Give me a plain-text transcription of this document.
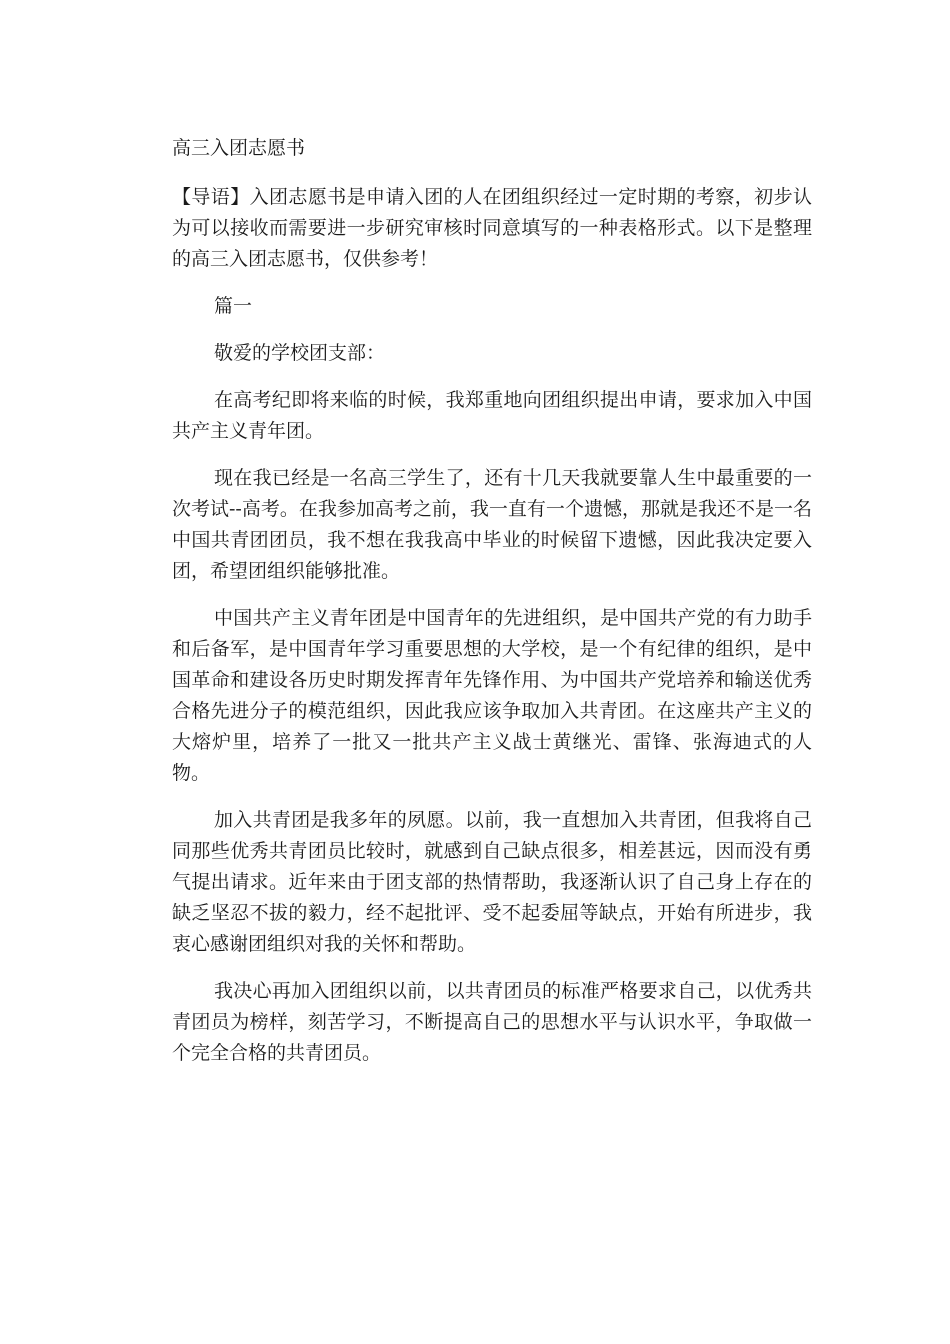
高三入团志愿书

【导语】入团志愿书是申请入团的人在团组织经过一定时期的考察，初步认为可以接收而需要进一步研究审核时同意填写的一种表格形式。以下是整理的高三入团志愿书，仅供参考！

篇一

敬爱的学校团支部：

在高考纪即将来临的时候，我郑重地向团组织提出申请，要求加入中国共产主义青年团。

现在我已经是一名高三学生了，还有十几天我就要靠人生中最重要的一次考试--高考。在我参加高考之前，我一直有一个遗憾，那就是我还不是一名中国共青团团员，我不想在我我高中毕业的时候留下遗憾，因此我决定要入团，希望团组织能够批准。

中国共产主义青年团是中国青年的先进组织，是中国共产党的有力助手和后备军，是中国青年学习重要思想的大学校，是一个有纪律的组织，是中国革命和建设各历史时期发挥青年先锋作用、为中国共产党培养和输送优秀合格先进分子的模范组织，因此我应该争取加入共青团。在这座共产主义的大熔炉里，培养了一批又一批共产主义战士黄继光、雷锋、张海迪式的人物。

加入共青团是我多年的夙愿。以前，我一直想加入共青团，但我将自己同那些优秀共青团员比较时，就感到自己缺点很多，相差甚远，因而没有勇气提出请求。近年来由于团支部的热情帮助，我逐渐认识了自己身上存在的缺乏坚忍不拔的毅力，经不起批评、受不起委屈等缺点，开始有所进步，我衷心感谢团组织对我的关怀和帮助。

我决心再加入团组织以前，以共青团员的标准严格要求自己，以优秀共青团员为榜样，刻苦学习，不断提高自己的思想水平与认识水平，争取做一个完全合格的共青团员。
